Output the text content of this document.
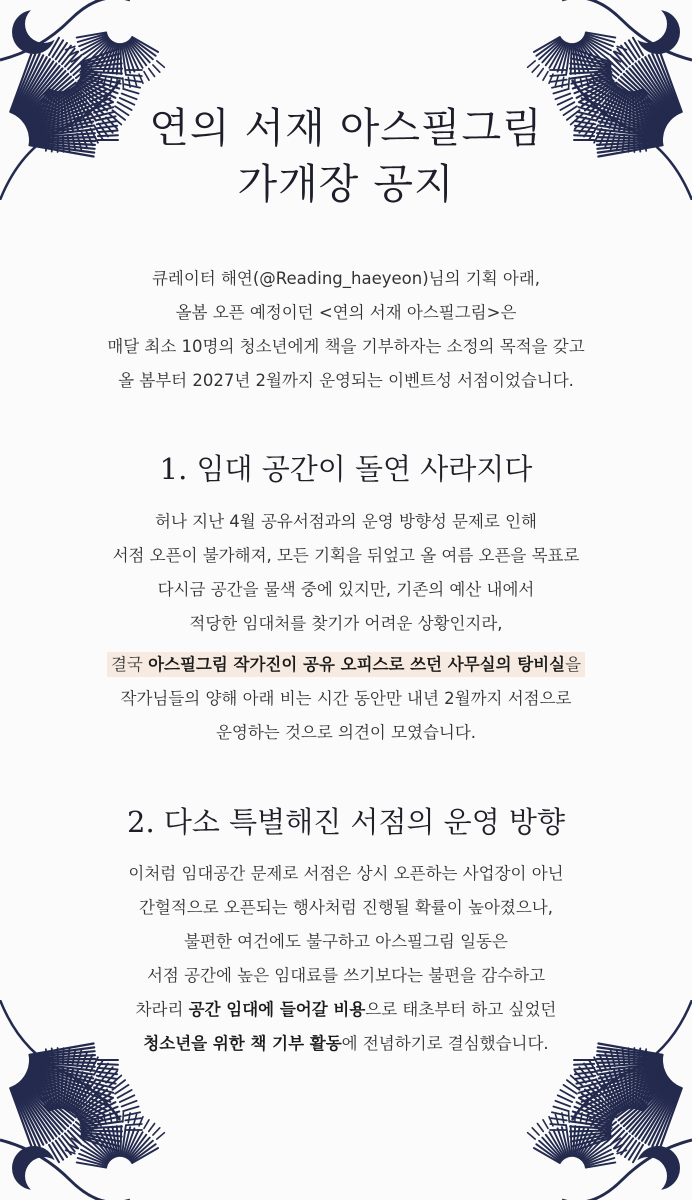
연의 서재 아스필그림
가개장 공지
큐레이터 해연(@Reading_haeyeon)님의 기획 아래,
올봄 오픈 예정이던 <연의 서재 아스필그림>은
매달 최소 10명의 청소년에게 책을 기부하자는 소정의 목적을 갖고
올 봄부터 2027년 2월까지 운영되는 이벤트성 서점이었습니다.
1. 임대 공간이 돌연 사라지다
허나 지난 4월 공유서점과의 운영 방향성 문제로 인해
서점 오픈이 불가해져, 모든 기획을 뒤엎고 올 여름 오픈을 목표로
다시금 공간을 물색 중에 있지만, 기존의 예산 내에서
적당한 임대처를 찾기가 어려운 상황인지라,
결국 아스필그림 작가진이 공유 오피스로 쓰던 사무실의 탕비실을
작가님들의 양해 아래 비는 시간 동안만 내년 2월까지 서점으로
운영하는 것으로 의견이 모였습니다.
2. 다소 특별해진 서점의 운영 방향
이처럼 임대공간 문제로 서점은 상시 오픈하는 사업장이 아닌
간헐적으로 오픈되는 행사처럼 진행될 확률이 높아졌으나,
불편한 여건에도 불구하고 아스필그림 일동은
서점 공간에 높은 임대료를 쓰기보다는 불편을 감수하고
차라리 공간 임대에 들어갈 비용으로 태초부터 하고 싶었던
청소년을 위한 책 기부 활동에 전념하기로 결심했습니다.
